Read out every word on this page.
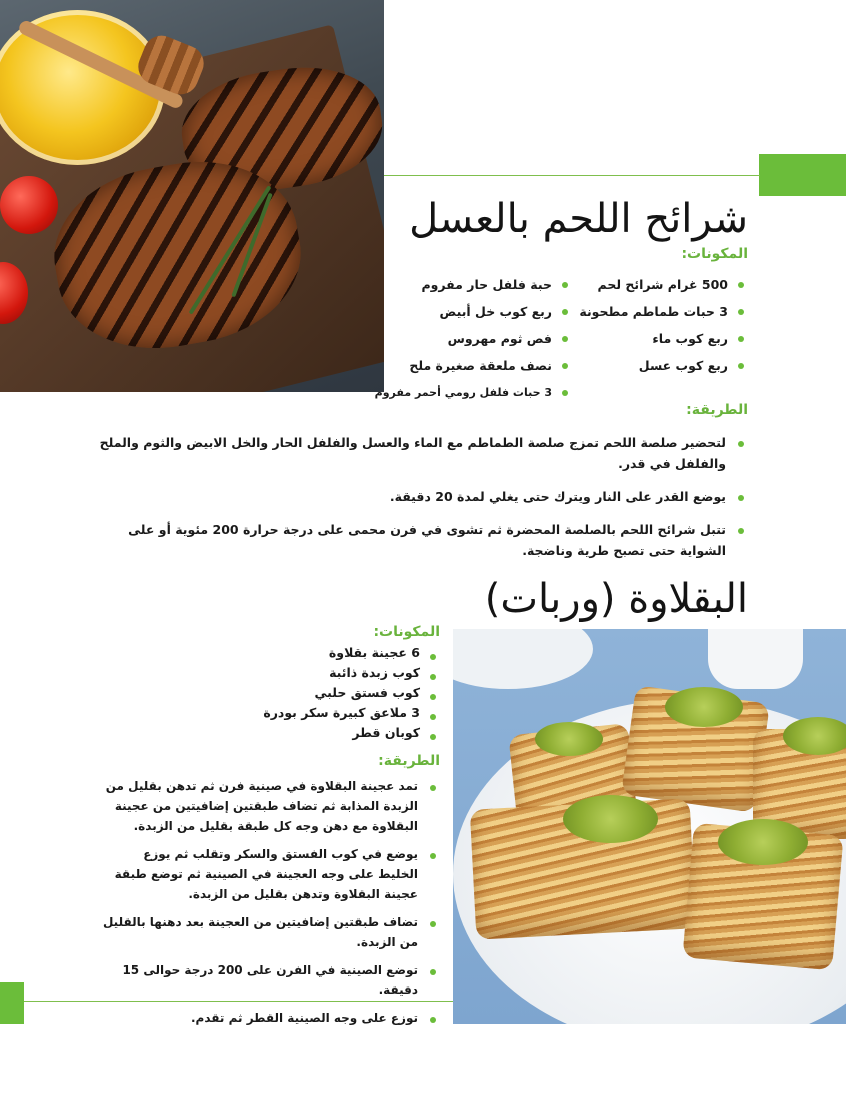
شرائح اللحم بالعسل
المكونات:
500 غرام شرائح لحم
3 حبات طماطم مطحونة
ربع كوب ماء
ربع كوب عسل
حبة فلفل حار مفروم
ربع كوب خل أبيض
فص ثوم مهروس
نصف ملعقة صغيرة ملح
3 حبات فلفل رومي أحمر مفروم
الطريقة:
لتحضير صلصة اللحم تمزج صلصة الطماطم مع الماء والعسل والفلفل الحار والخل الابيض والثوم والملح والفلفل في قدر.
يوضع القدر على النار ويترك حتى يغلي لمدة 20 دقيقة.
تتبل شرائح اللحم بالصلصة المحضرة ثم تشوى في فرن محمى على درجة حرارة 200 مئوية أو على الشواية حتى تصبح طرية وناضجة.
البقلاوة (وربات)
المكونات:
6 عجينة بقلاوة
كوب زبدة ذائبة
كوب فستق حلبي
3 ملاعق كبيرة سكر بودرة
كوبان قطر
الطريقة:
تمد عجينة البقلاوة في صينية فرن ثم تدهن بقليل من الزبدة المذابة ثم تضاف طبقتين إضافيتين من عجينة البقلاوة مع دهن وجه كل طبقة بقليل من الزبدة.
يوضع في كوب الفستق والسكر وتقلب ثم يوزع الخليط على وجه العجينة في الصينية ثم توضع طبقة عجينة البقلاوة وتدهن بقليل من الزبدة.
تضاف طبقتين إضافيتين من العجينة بعد دهنها بالقليل من الزبدة.
توضع الصينية في الفرن على 200 درجة حوالى 15 دقيقة.
توزع على وجه الصينية القطر ثم تقدم.
